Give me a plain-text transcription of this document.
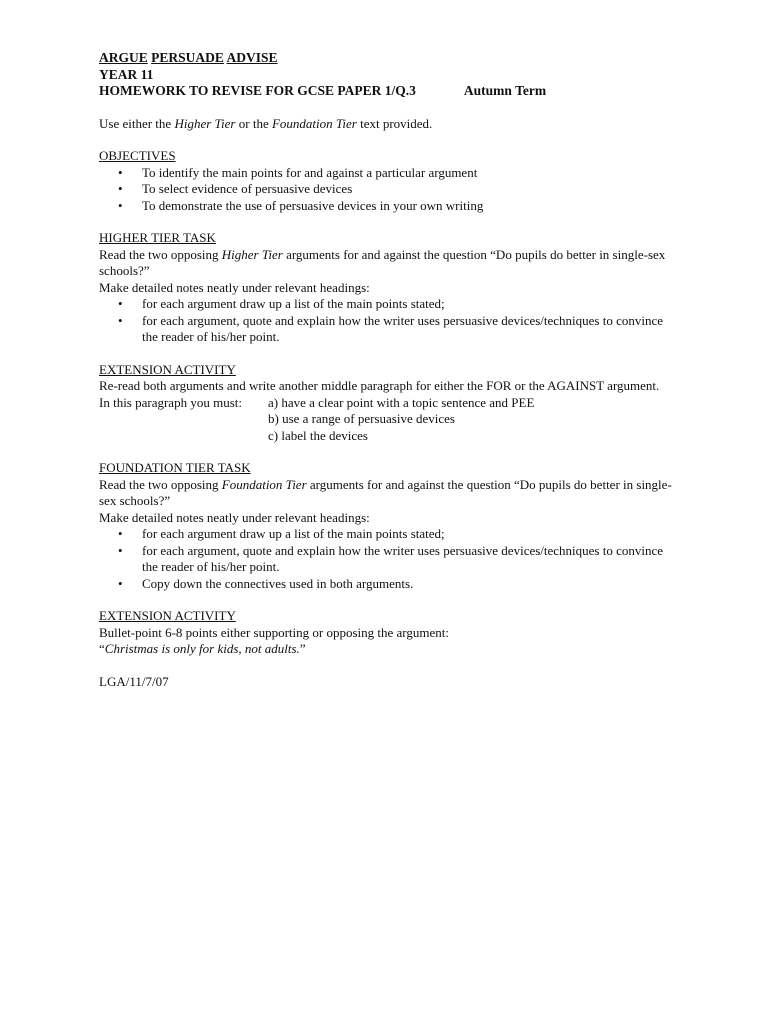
ARGUE PERSUADE ADVISE
YEAR 11
HOMEWORK TO REVISE FOR GCSE PAPER 1/Q.3	Autumn Term

Use either the Higher Tier or the Foundation Tier text provided.

OBJECTIVES

• To identify the main points for and against a particular argument
• To select evidence of persuasive devices
• To demonstrate the use of persuasive devices in your own writing

HIGHER TIER TASK

Read the two opposing Higher Tier arguments for and against the question “Do pupils do better in single-sex schools?”

Make detailed notes neatly under relevant headings:

• for each argument draw up a list of the main points stated;
• for each argument, quote and explain how the writer uses persuasive devices/techniques to convince the reader of his/her point.

EXTENSION ACTIVITY

Re-read both arguments and write another middle paragraph for either the FOR or the AGAINST argument.

In this paragraph you must:	a) have a clear point with a topic sentence and PEE

b) use a range of persuasive devices

c) label the devices

FOUNDATION TIER TASK

Read the two opposing Foundation Tier arguments for and against the question “Do pupils do better in single-sex schools?”

Make detailed notes neatly under relevant headings:

• for each argument draw up a list of the main points stated;
• for each argument, quote and explain how the writer uses persuasive devices/techniques to convince the reader of his/her point.
• Copy down the connectives used in both arguments.

EXTENSION ACTIVITY

Bullet-point 6-8 points either supporting or opposing the argument:

“Christmas is only for kids, not adults.”

LGA/11/7/07
